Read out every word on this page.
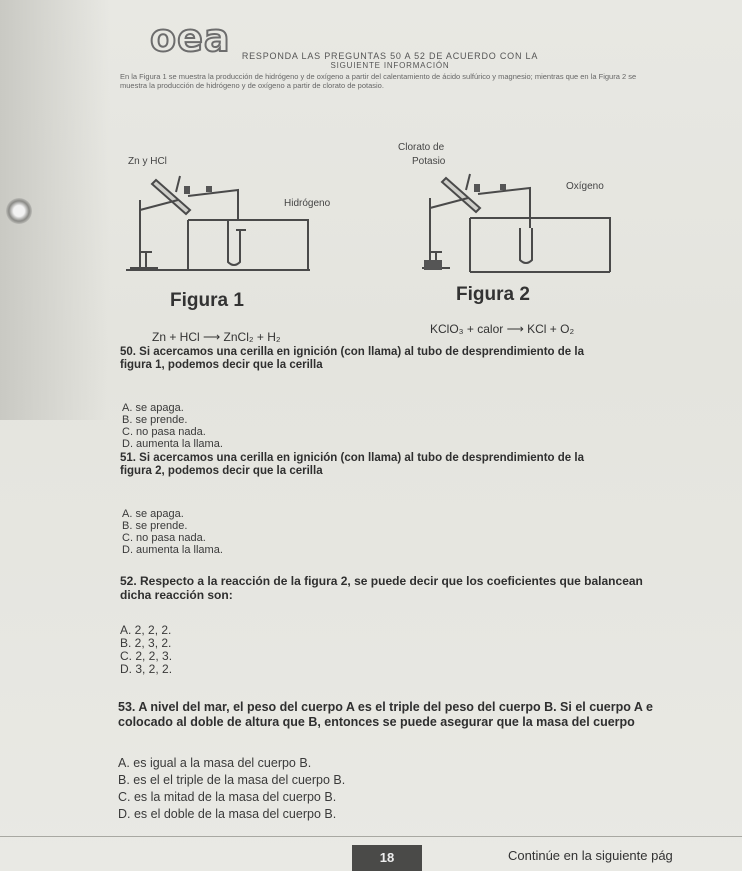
oea	RESPONDA LAS PREGUNTAS 50 A 52 DE ACUERDO CON LA
SIGUIENTE INFORMACIÓN
En la Figura 1 se muestra la producción de hidrógeno y de oxígeno a partir del calentamiento de ácido sulfúrico y magnesio; mientras que en la Figura 2 se muestra la producción de hidrógeno y de oxígeno a partir de clorato de potasio.
Zn y HCl
Hidrógeno
Figura 1
Zn + HCl ⟶ ZnCl₂ + H₂
Clorato de
Potasio
Oxígeno
Figura 2
KClO₃ + calor ⟶ KCl + O₂
50. Si acercamos una cerilla en ignición (con llama) al tubo de desprendimiento de la
figura 1, podemos decir que la cerilla
A. se apaga.
B. se prende.
C. no pasa nada.
D. aumenta la llama.
51. Si acercamos una cerilla en ignición (con llama) al tubo de desprendimiento de la
figura 2, podemos decir que la cerilla
A. se apaga.
B. se prende.
C. no pasa nada.
D. aumenta la llama.
52. Respecto a la reacción de la figura 2, se puede decir que los coeficientes que balancean
dicha reacción son:
A. 2, 2, 2.
B. 2, 3, 2.
C. 2, 2, 3.
D. 3, 2, 2.
53. A nivel del mar, el peso del cuerpo A es el triple del peso del cuerpo B. Si el cuerpo A e
colocado al doble de altura que B, entonces se puede asegurar que la masa del cuerpo
A. es igual a la masa del cuerpo B.
B. es el el triple de la masa del cuerpo B.
C. es la mitad de la masa del cuerpo B.
D. es el doble de la masa del cuerpo B.
18	Continúe en la siguiente pág
